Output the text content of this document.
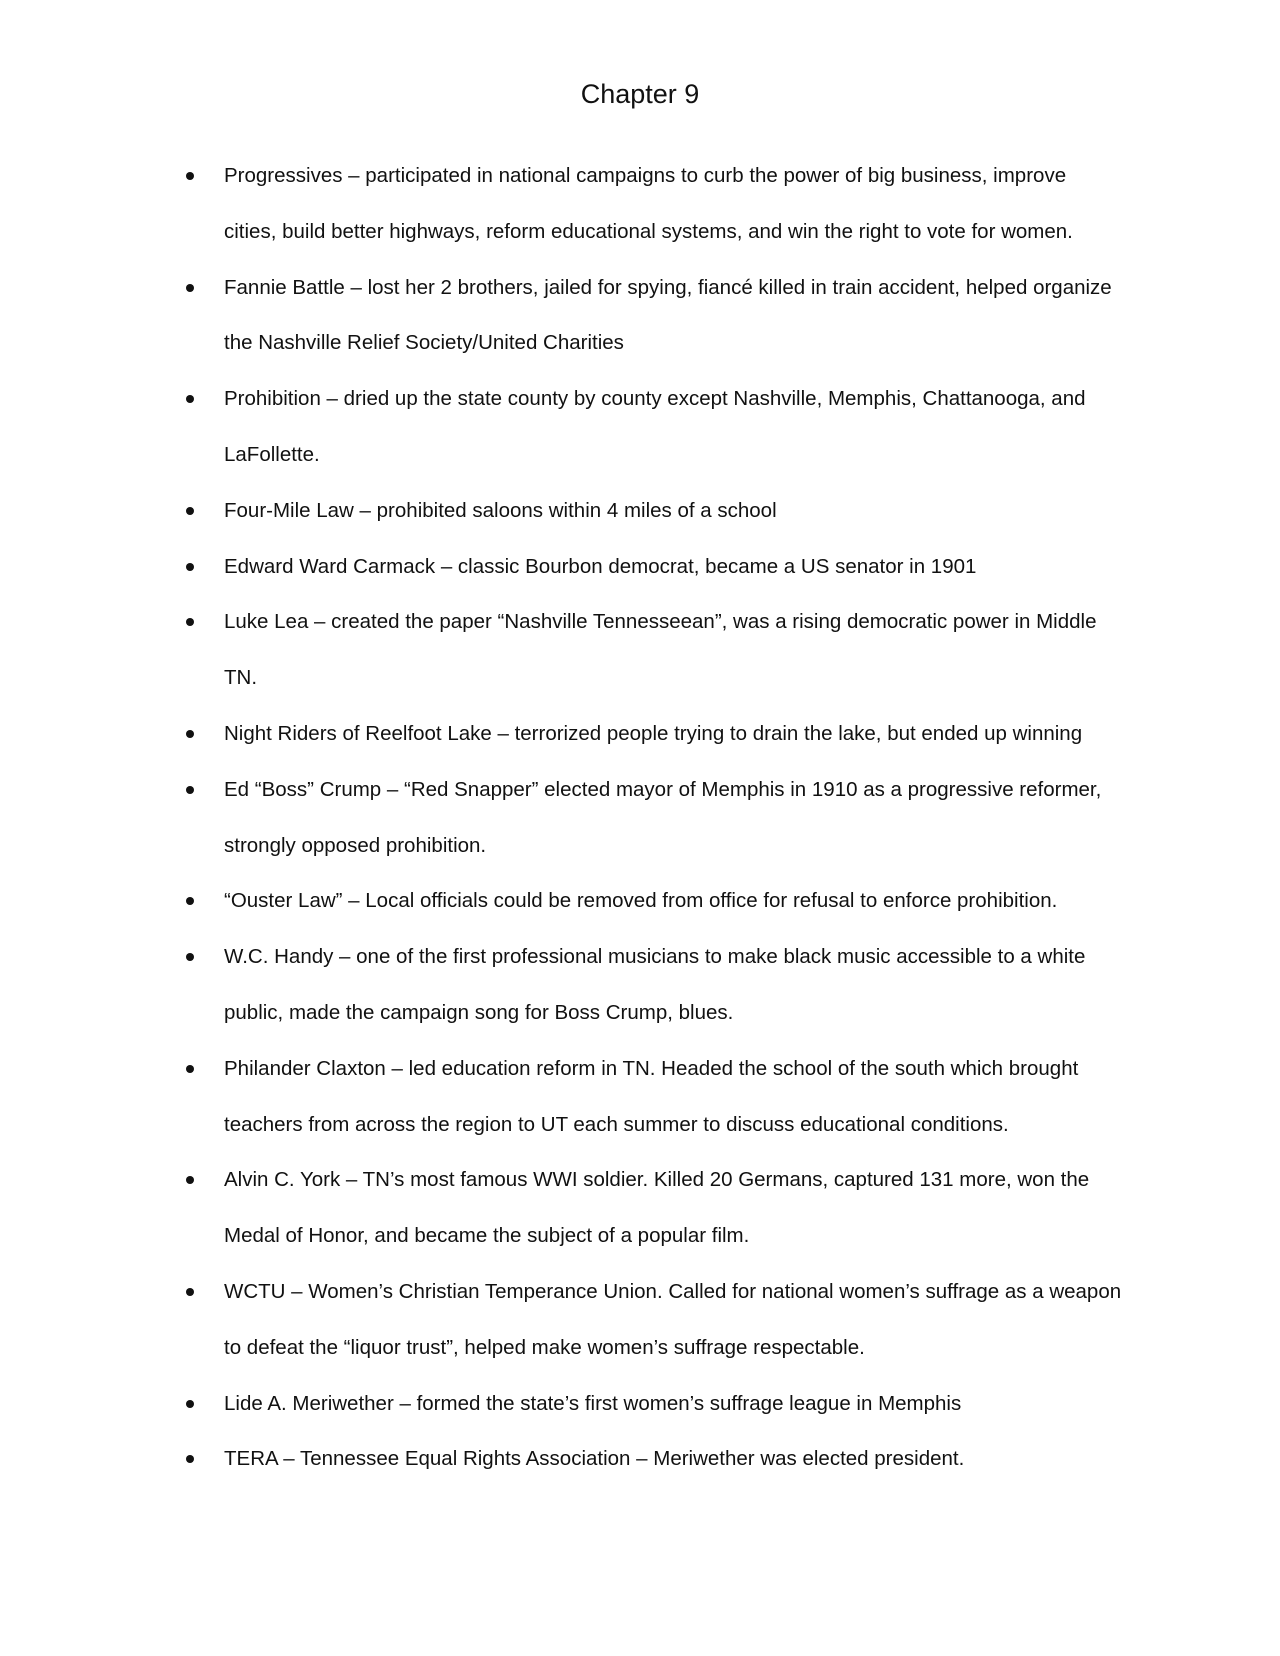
Chapter 9
Progressives – participated in national campaigns to curb the power of big business, improve cities, build better highways, reform educational systems, and win the right to vote for women.
Fannie Battle – lost her 2 brothers, jailed for spying, fiancé killed in train accident, helped organize the Nashville Relief Society/United Charities
Prohibition – dried up the state county by county except Nashville, Memphis, Chattanooga, and LaFollette.
Four-Mile Law – prohibited saloons within 4 miles of a school
Edward Ward Carmack – classic Bourbon democrat, became a US senator in 1901
Luke Lea – created the paper “Nashville Tennesseean”, was a rising democratic power in Middle TN.
Night Riders of Reelfoot Lake – terrorized people trying to drain the lake, but ended up winning
Ed “Boss” Crump – “Red Snapper” elected mayor of Memphis in 1910 as a progressive reformer, strongly opposed prohibition.
“Ouster Law” – Local officials could be removed from office for refusal to enforce prohibition.
W.C. Handy – one of the first professional musicians to make black music accessible to a white public, made the campaign song for Boss Crump, blues.
Philander Claxton – led education reform in TN. Headed the school of the south which brought teachers from across the region to UT each summer to discuss educational conditions.
Alvin C. York – TN’s most famous WWI soldier. Killed 20 Germans, captured 131 more, won the Medal of Honor, and became the subject of a popular film.
WCTU – Women’s Christian Temperance Union. Called for national women’s suffrage as a weapon to defeat the “liquor trust”, helped make women’s suffrage respectable.
Lide A. Meriwether – formed the state’s first women’s suffrage league in Memphis
TERA – Tennessee Equal Rights Association – Meriwether was elected president.
